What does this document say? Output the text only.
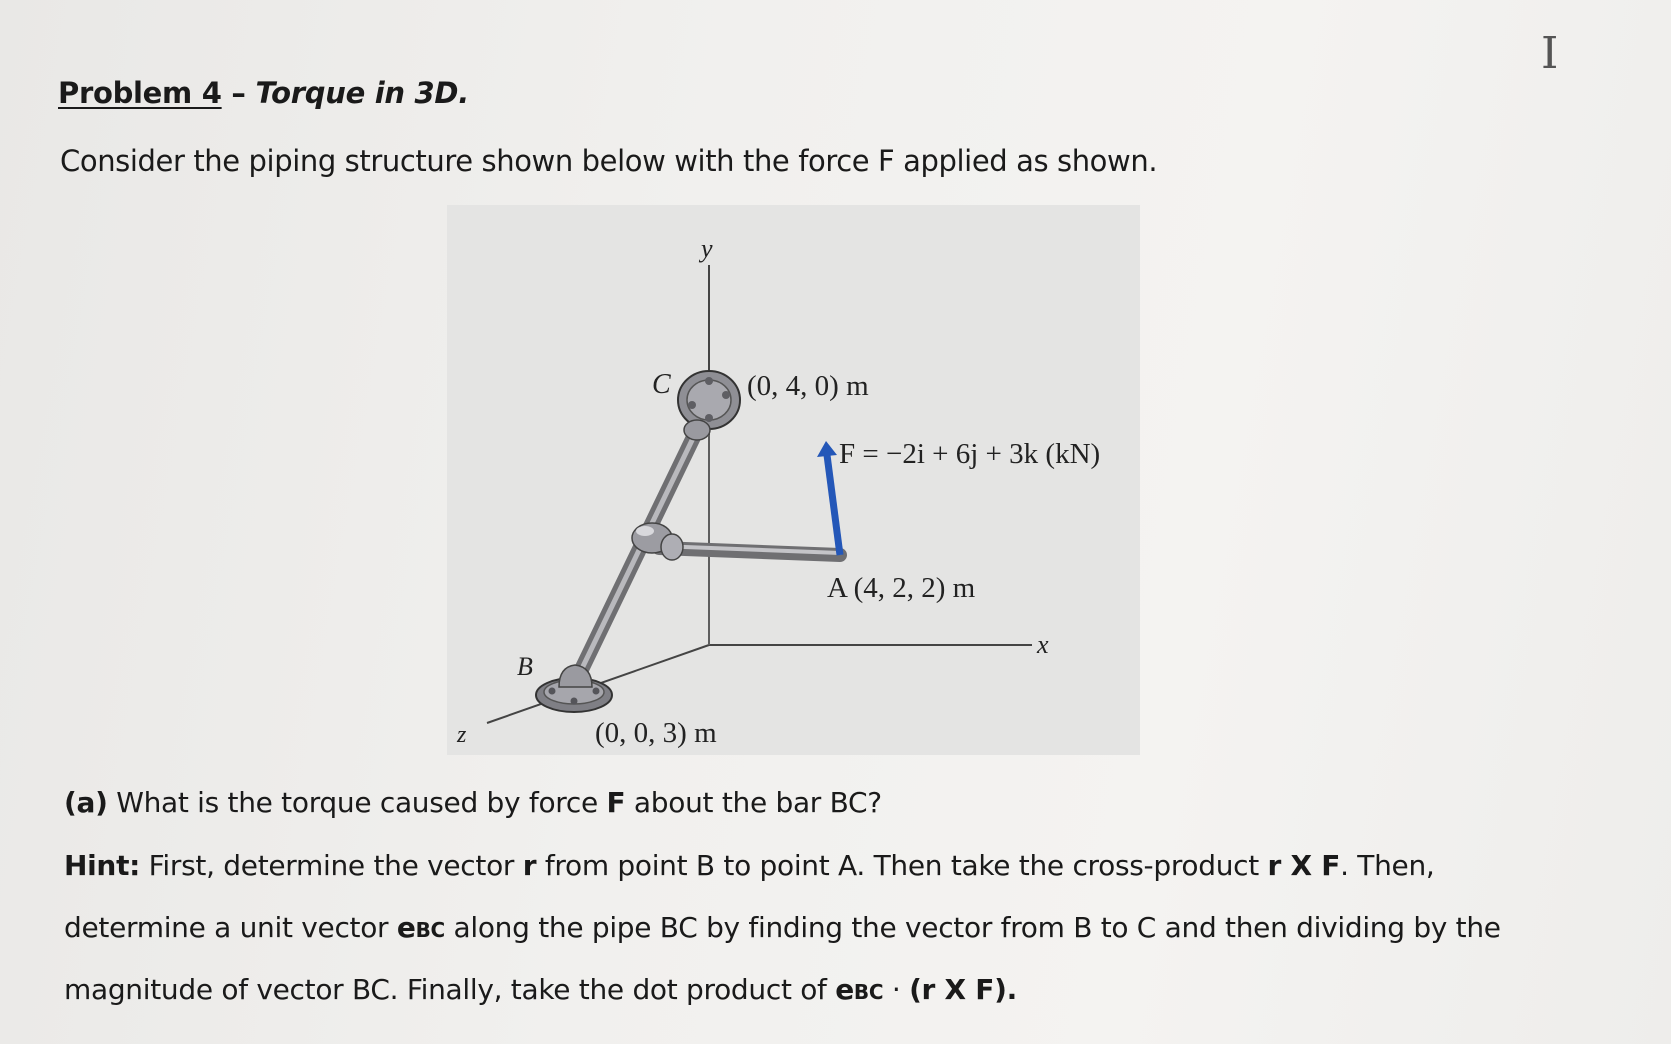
Problem 4 – Torque in 3D.
Consider the piping structure shown below with the force F applied as shown.
y
x
z
C
B
(0, 4, 0) m
F = −2i + 6j + 3k (kN)
A (4, 2, 2) m
(0, 0, 3) m
(a) What is the torque caused by force F about the bar BC?
Hint: First, determine the vector r from point B to point A. Then take the cross-product r X F. Then,
determine a unit vector eBC along the pipe BC by finding the vector from B to C and then dividing by the
magnitude of vector BC. Finally, take the dot product of eBC · (r X F).
I
